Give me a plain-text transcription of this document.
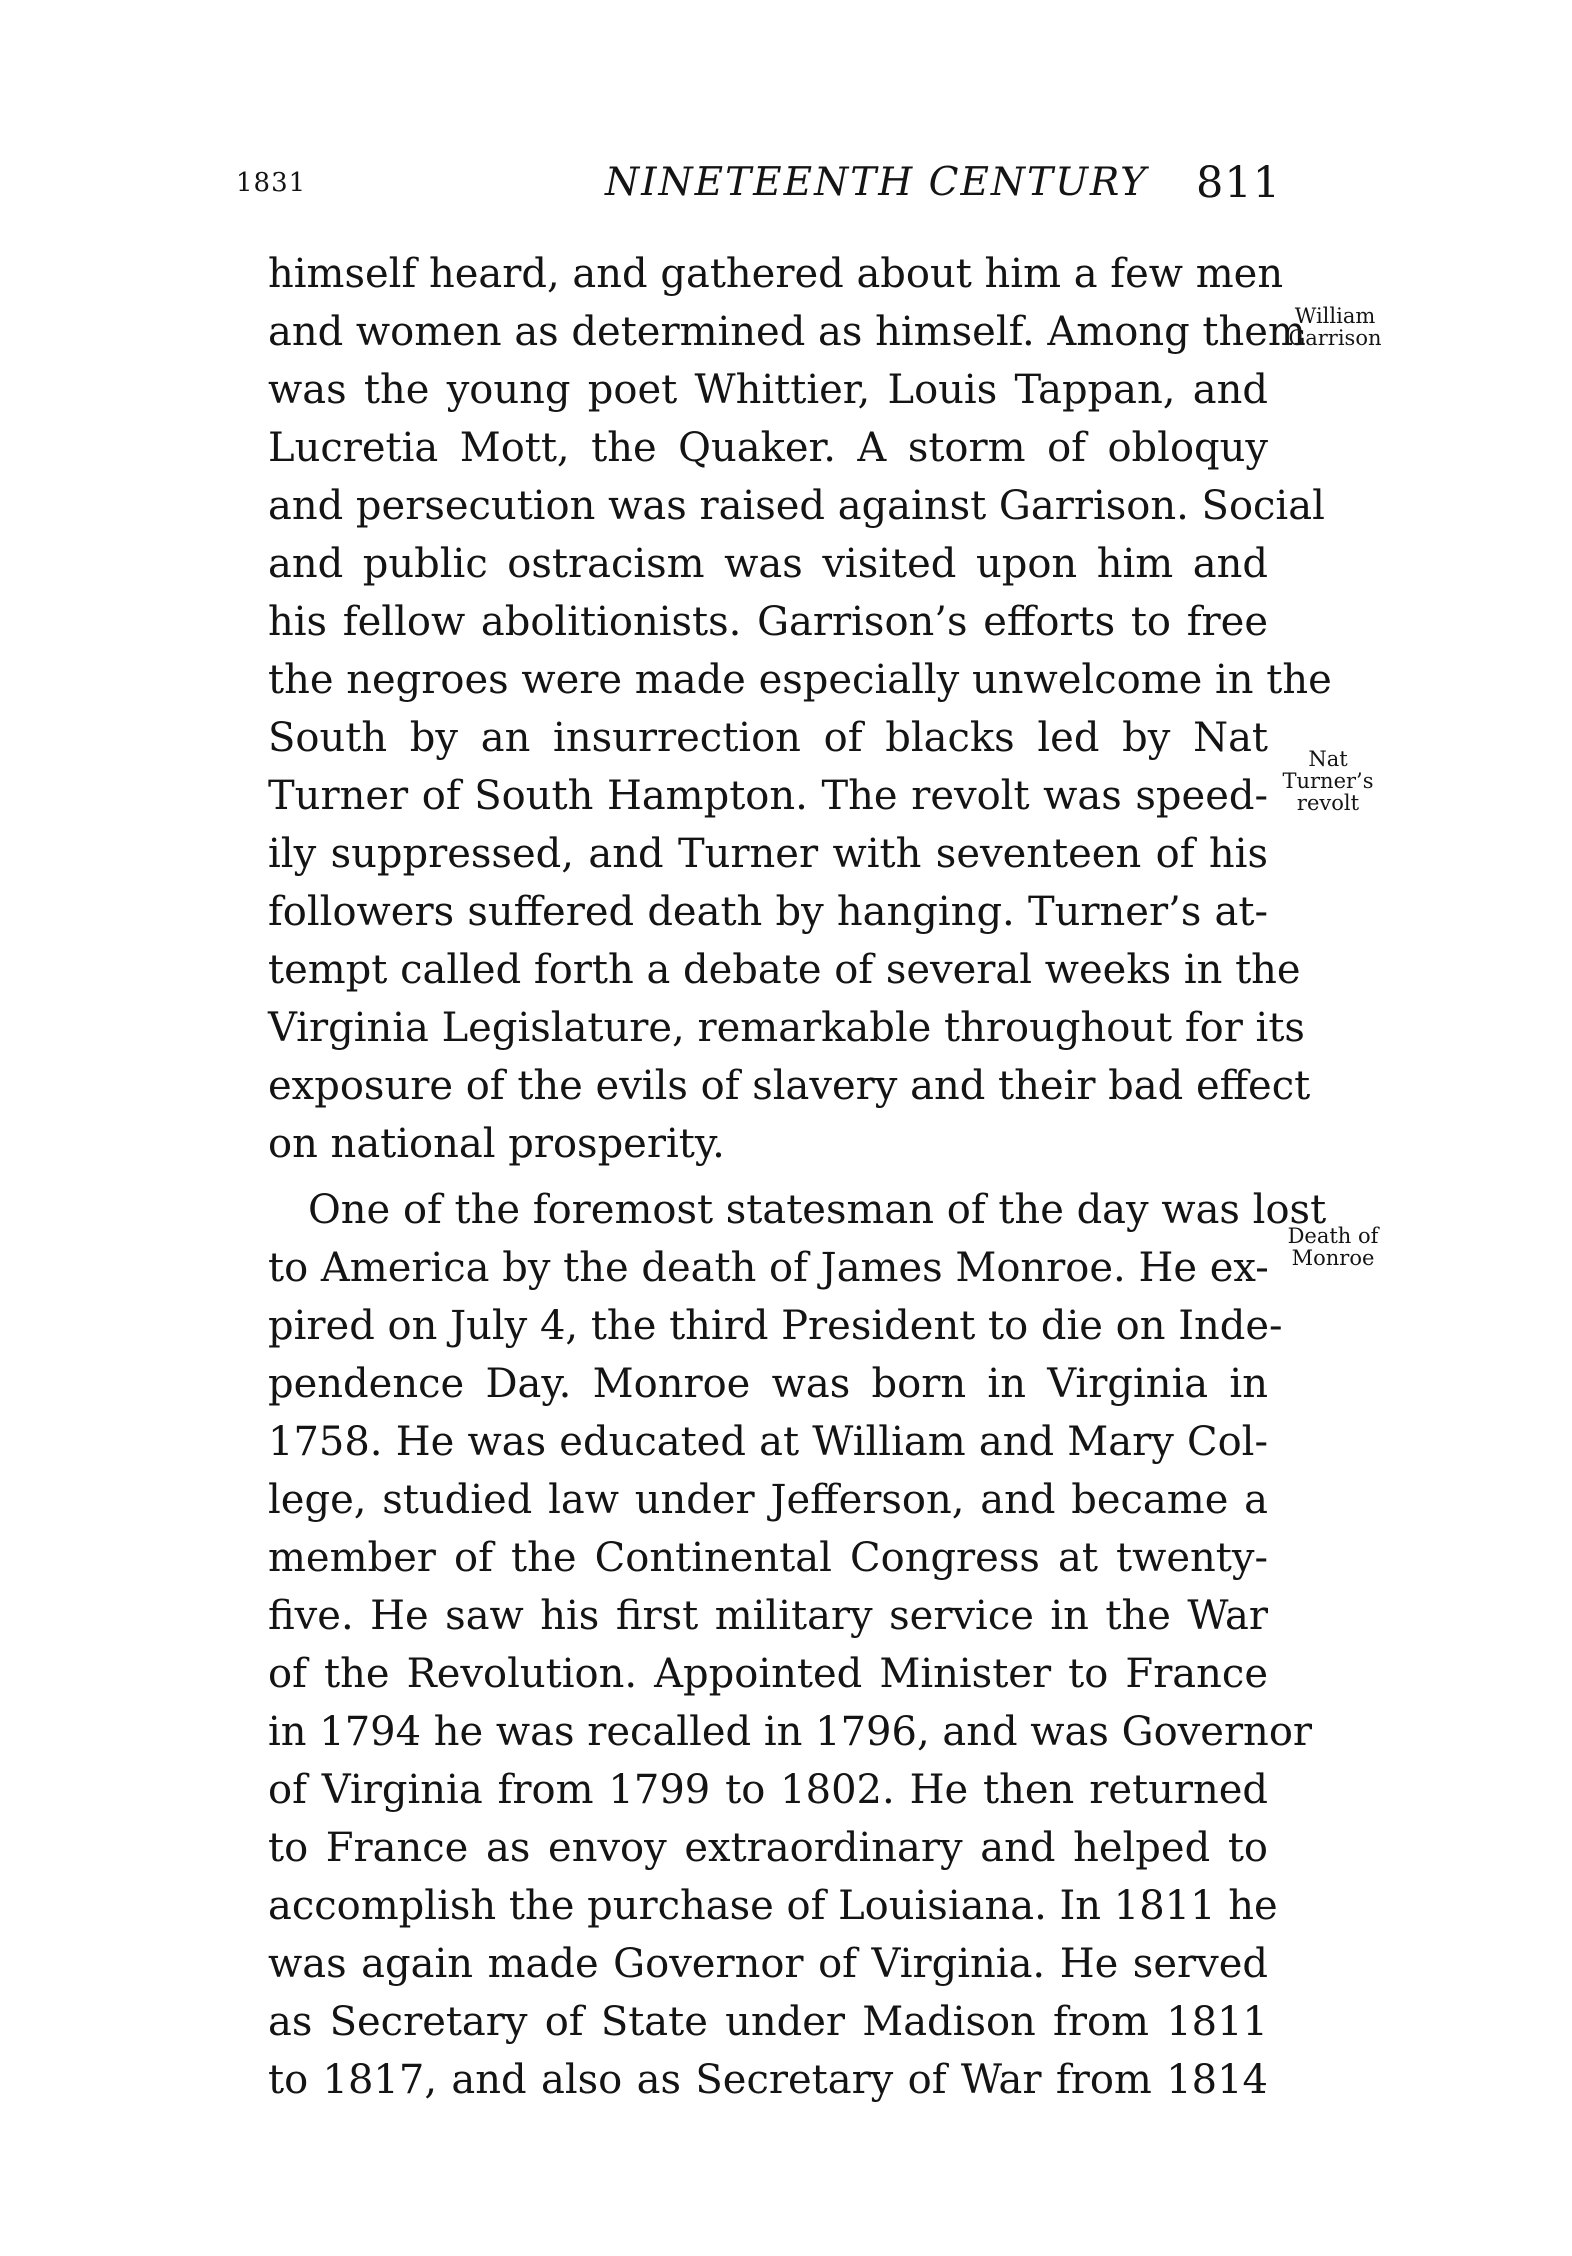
1831	NINETEENTH CENTURY 811
himself heard, and gathered about him a few men
and women as determined as himself. Among them
was the young poet Whittier, Louis Tappan, and
Lucretia Mott, the Quaker. A storm of obloquy
and persecution was raised against Garrison. Social
and public ostracism was visited upon him and
his fellow abolitionists. Garrison’s efforts to free
the negroes were made especially unwelcome in the
South by an insurrection of blacks led by Nat
Turner of South Hampton. The revolt was speed-
ily suppressed, and Turner with seventeen of his
followers suffered death by hanging. Turner’s at-
tempt called forth a debate of several weeks in the
Virginia Legislature, remarkable throughout for its
exposure of the evils of slavery and their bad effect
on national prosperity.
One of the foremost statesman of the day was lost
to America by the death of James Monroe. He ex-
pired on July 4, the third President to die on Inde-
pendence Day. Monroe was born in Virginia in
1758. He was educated at William and Mary Col-
lege, studied law under Jefferson, and became a
member of the Continental Congress at twenty-
five. He saw his first military service in the War
of the Revolution. Appointed Minister to France
in 1794 he was recalled in 1796, and was Governor
of Virginia from 1799 to 1802. He then returned
to France as envoy extraordinary and helped to
accomplish the purchase of Louisiana. In 1811 he
was again made Governor of Virginia. He served
as Secretary of State under Madison from 1811
to 1817, and also as Secretary of War from 1814
William
Garrison
Nat
Turner’s
revolt
Death of
Monroe
